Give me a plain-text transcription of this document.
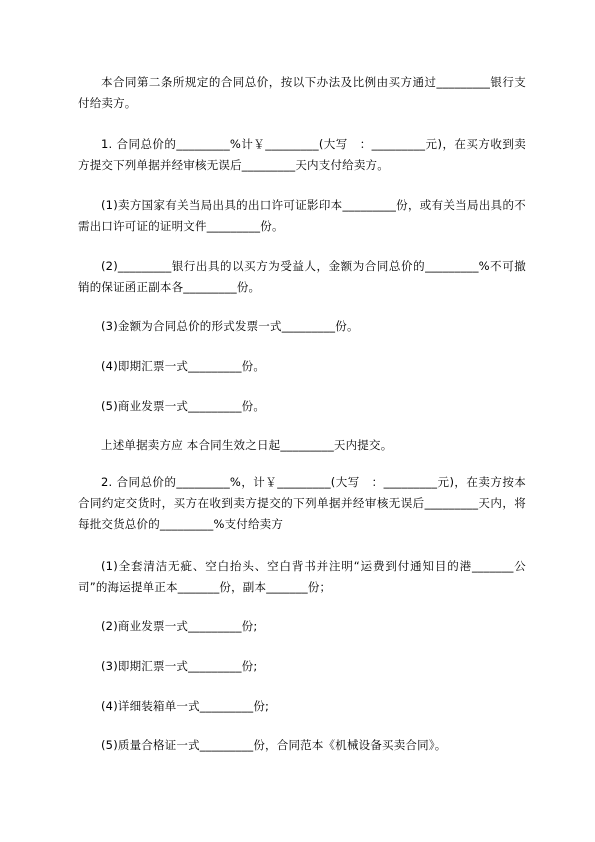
本合同第二条所规定的合同总价，按以下办法及比例由买方通过_________银行支付给卖方。

1. 合同总价的_________%计￥_________(大写　：_________元)，在买方收到卖方提交下列单据并经审核无误后_________天内支付给卖方。

(1)卖方国家有关当局出具的出口许可证影印本_________份，或有关当局出具的不需出口许可证的证明文件_________份。

(2)_________银行出具的以买方为受益人，金额为合同总价的_________%不可撤销的保证函正副本各_________份。

(3)金额为合同总价的形式发票一式_________份。

(4)即期汇票一式_________份。

(5)商业发票一式_________份。

上述单据卖方应 本合同生效之日起_________天内提交。

2. 合同总价的_________%，计￥_________(大写　：_________元)，在卖方按本合同约定交货时，买方在收到卖方提交的下列单据并经审核无误后_________天内，将每批交货总价的_________%支付给卖方

(1)全套清洁无疵、空白抬头、空白背书并注明“运费到付通知目的港_______公司”的海运提单正本_______份，副本_______份；

(2)商业发票一式_________份;

(3)即期汇票一式_________份;

(4)详细装箱单一式_________份;

(5)质量合格证一式_________份，合同范本《机械设备买卖合同》。
